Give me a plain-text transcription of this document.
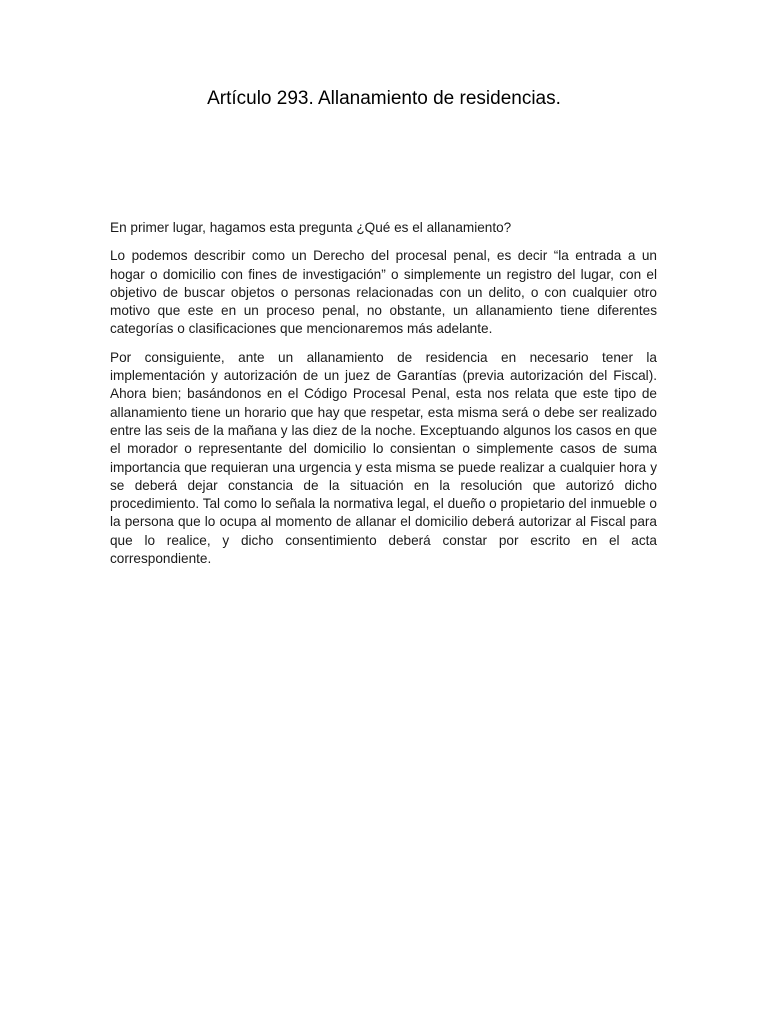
Artículo 293. Allanamiento de residencias.

En primer lugar, hagamos esta pregunta ¿Qué es el allanamiento?

Lo podemos describir como un Derecho del procesal penal, es decir “la entrada a un hogar o domicilio con fines de investigación” o simplemente un registro del lugar, con el objetivo de buscar objetos o personas relacionadas con un delito, o con cualquier otro motivo que este en un proceso penal, no obstante, un allanamiento tiene diferentes categorías o clasificaciones que mencionaremos más adelante.

Por consiguiente, ante un allanamiento de residencia en necesario tener la implementación y autorización de un juez de Garantías (previa autorización del Fiscal). Ahora bien; basándonos en el Código Procesal Penal, esta nos relata que este tipo de allanamiento tiene un horario que hay que respetar, esta misma será o debe ser realizado entre las seis de la mañana y las diez de la noche. Exceptuando algunos los casos en que el morador o representante del domicilio lo consientan o simplemente casos de suma importancia que requieran una urgencia y esta misma se puede realizar a cualquier hora y se deberá dejar constancia de la situación en la resolución que autorizó dicho procedimiento. Tal como lo señala la normativa legal, el dueño o propietario del inmueble o la persona que lo ocupa al momento de allanar el domicilio deberá autorizar al Fiscal para que lo realice, y dicho consentimiento deberá constar por escrito en el acta correspondiente.
